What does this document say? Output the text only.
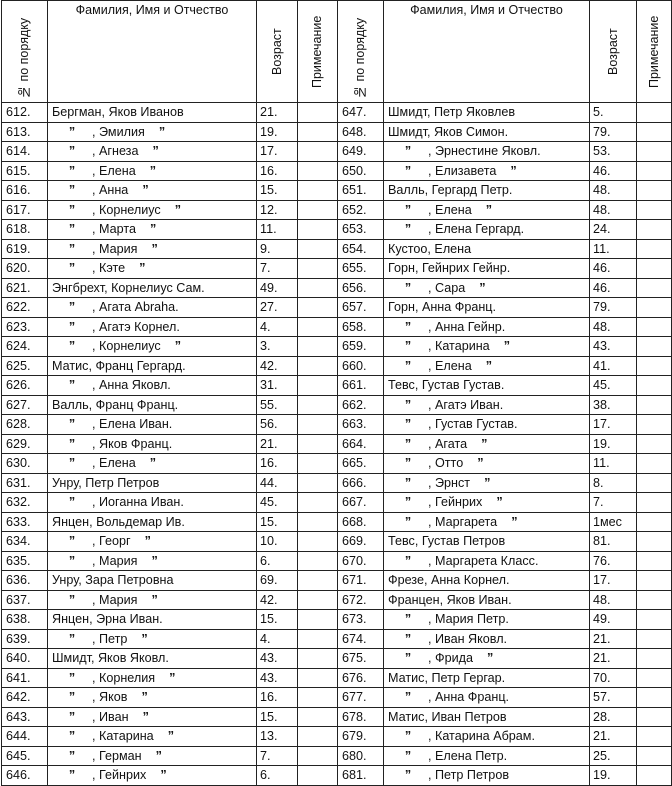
№ по порядку	Фамилия, Имя и Отчество	Возраст	Примечание	№ по порядку	Фамилия, Имя и Отчество	Возраст	Примечание

612.	Бергман, Яков Иванов	21.		647.	Шмидт, Петр Яковлев	5.	
613.	” , Эмилия ”	19.		648.	Шмидт, Яков Симон.	79.	
614.	” , Агнеза ”	17.		649.	” , Эрнестине Яковл.	53.	
615.	” , Елена ”	16.		650.	” , Елизавета ”	46.	
616.	” , Анна ”	15.		651.	Валль, Гергард Петр.	48.	
617.	” , Корнелиус ”	12.		652.	” , Елена ”	48.	
618.	” , Марта ”	11.		653.	” , Елена Гергард.	24.	
619.	” , Мария ”	9.		654.	Кустоо, Елена	11.	
620.	” , Кэте ”	7.		655.	Горн, Гейнрих Гейнр.	46.	
621.	Энгбрехт, Корнелиус Сам.	49.		656.	” , Сара ”	46.	
622.	” , Агата Abraha.	27.		657.	Горн, Анна Франц.	79.	
623.	” , Агатэ Корнел.	4.		658.	” , Анна Гейнр.	48.	
624.	” , Корнелиус ”	3.		659.	” , Катарина ”	43.	
625.	Матис, Франц Гергард.	42.		660.	” , Елена ”	41.	
626.	” , Анна Яковл.	31.		661.	Тевс, Густав Густав.	45.	
627.	Валль, Франц Франц.	55.		662.	” , Агатэ Иван.	38.	
628.	” , Елена Иван.	56.		663.	” , Густав Густав.	17.	
629.	” , Яков Франц.	21.		664.	” , Агата ”	19.	
630.	” , Елена ”	16.		665.	” , Отто ”	11.	
631.	Унру, Петр Петров	44.		666.	” , Эрнст ”	8.	
632.	” , Иоганна Иван.	45.		667.	” , Гейнрих ”	7.	
633.	Янцен, Вольдемар Ив.	15.		668.	” , Маргарета ”	1мес	
634.	” , Георг ”	10.		669.	Тевс, Густав Петров	81.	
635.	” , Мария ”	6.		670.	” , Маргарета Класс.	76.	
636.	Унру, Зара Петровна	69.		671.	Фрезе, Анна Корнел.	17.	
637.	” , Мария ”	42.		672.	Францен, Яков Иван.	48.	
638.	Янцен, Эрна Иван.	15.		673.	” , Мария Петр.	49.	
639.	” , Петр ”	4.		674.	” , Иван Яковл.	21.	
640.	Шмидт, Яков Яковл.	43.		675.	” , Фрида ”	21.	
641.	” , Корнелия ”	43.		676.	Матис, Петр Гергар.	70.	
642.	” , Яков ”	16.		677.	” , Анна Франц.	57.	
643.	” , Иван ”	15.		678.	Матис, Иван Петров	28.	
644.	” , Катарина ”	13.		679.	” , Катарина Абрам.	21.	
645.	” , Герман ”	7.		680.	” , Елена Петр.	25.	
646.	” , Гейнрих ”	6.		681.	” , Петр Петров	19.	
